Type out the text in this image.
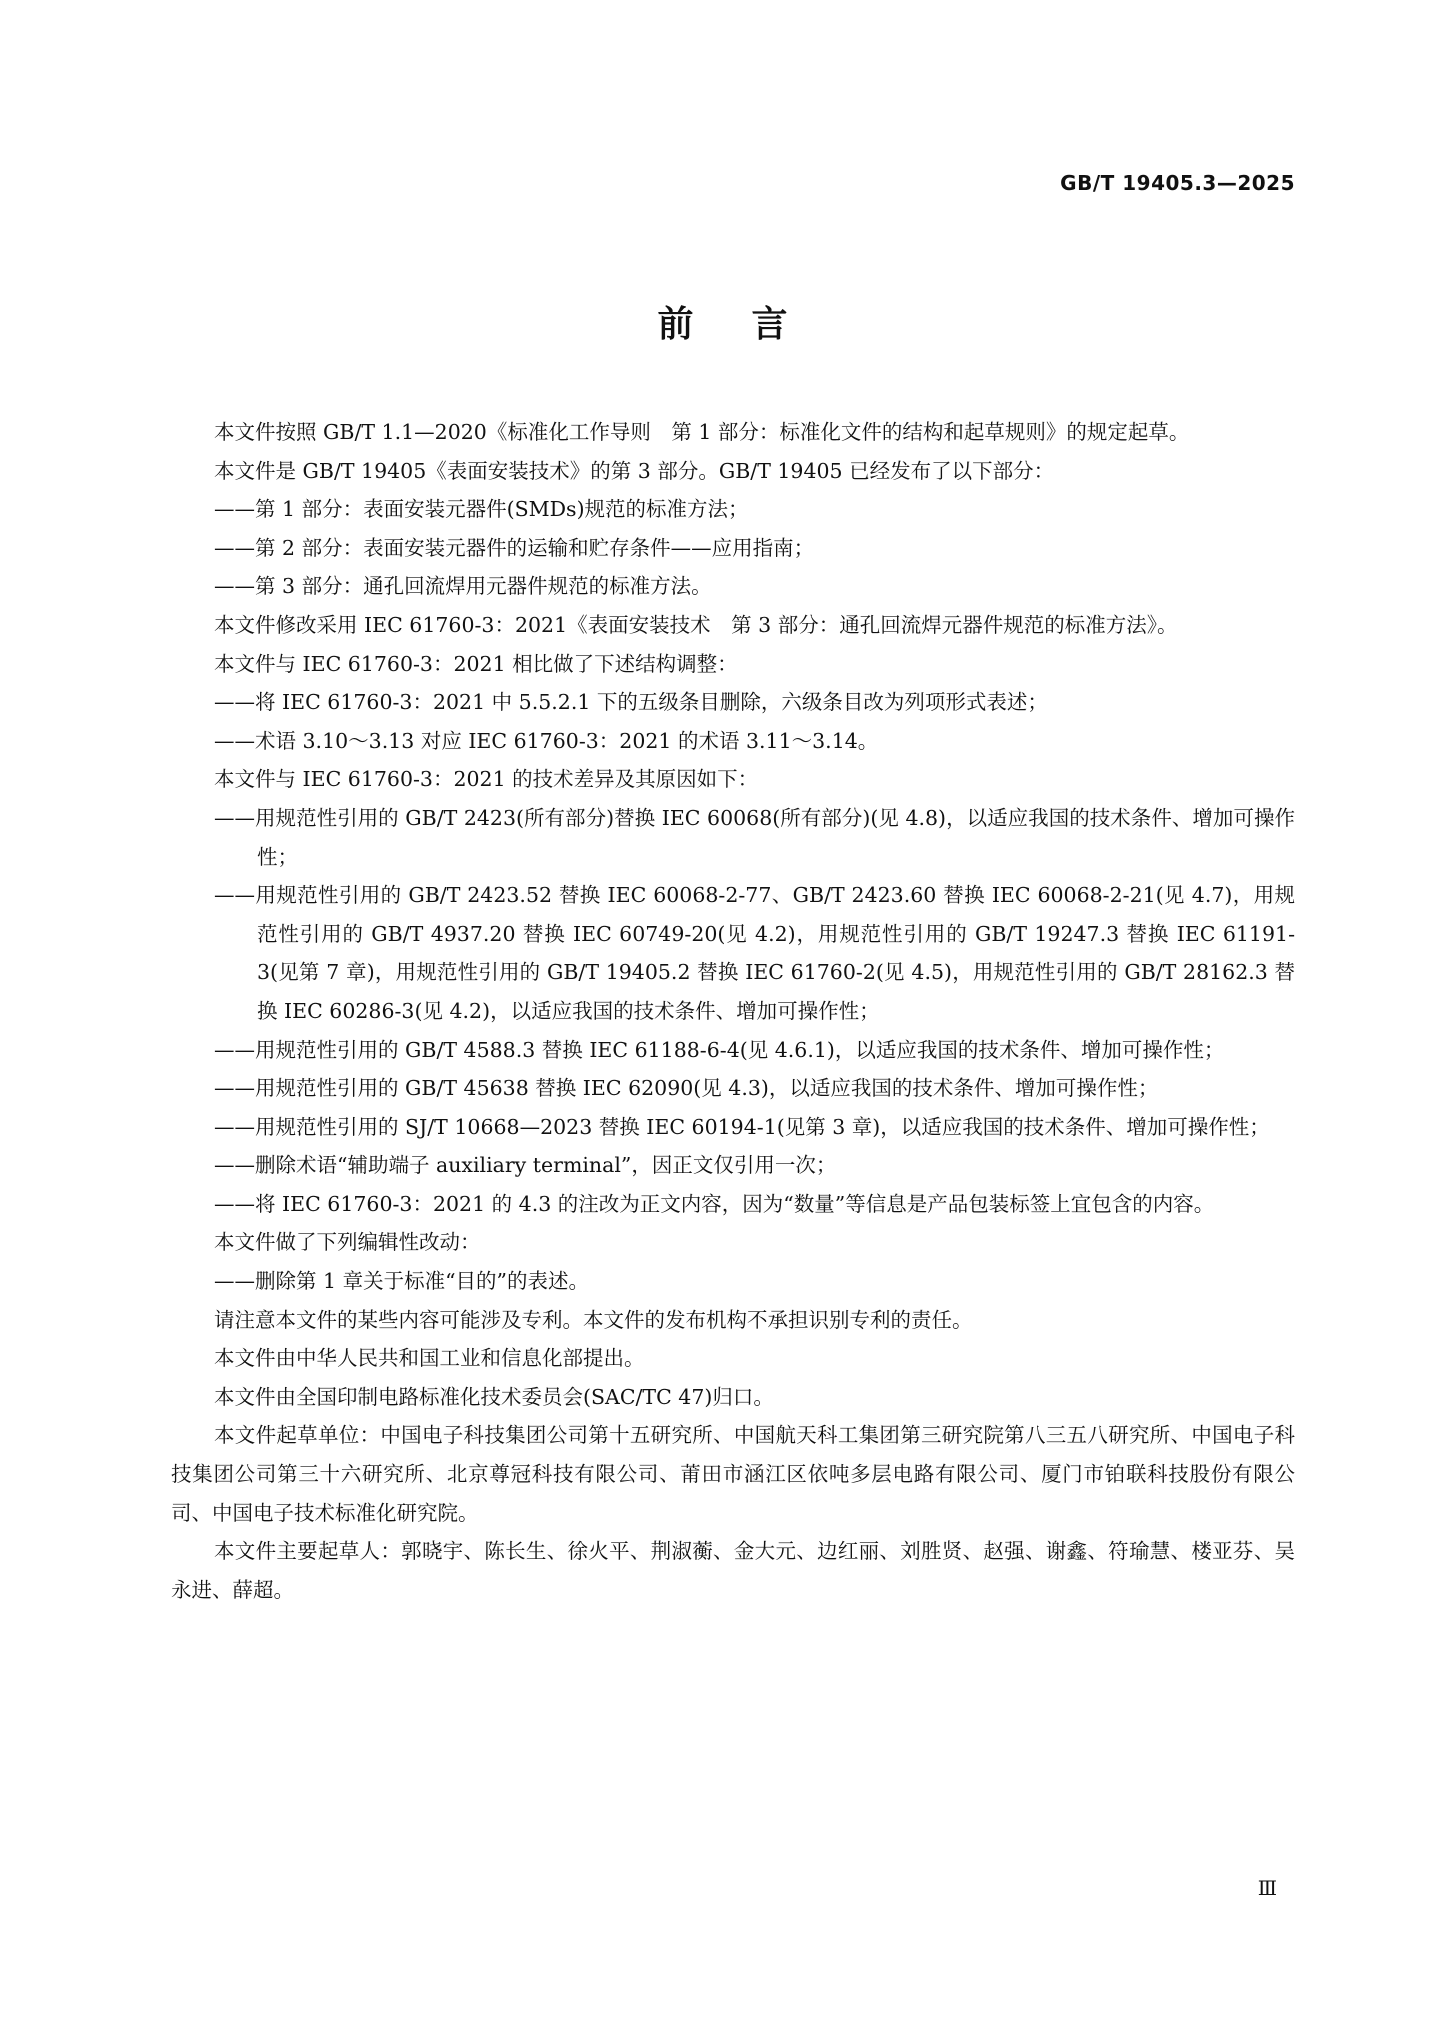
GB/T 19405.3—2025
前言

本文件按照 GB/T 1.1—2020《标准化工作导则　第 1 部分：标准化文件的结构和起草规则》的规定起草。

本文件是 GB/T 19405《表面安装技术》的第 3 部分。GB/T 19405 已经发布了以下部分：

——第 1 部分：表面安装元器件(SMDs)规范的标准方法；

——第 2 部分：表面安装元器件的运输和贮存条件——应用指南；

——第 3 部分：通孔回流焊用元器件规范的标准方法。

本文件修改采用 IEC 61760-3：2021《表面安装技术　第 3 部分：通孔回流焊元器件规范的标准方法》。

本文件与 IEC 61760-3：2021 相比做了下述结构调整：

——将 IEC 61760-3：2021 中 5.5.2.1 下的五级条目删除，六级条目改为列项形式表述；

——术语 3.10～3.13 对应 IEC 61760-3：2021 的术语 3.11～3.14。

本文件与 IEC 61760-3：2021 的技术差异及其原因如下：

——用规范性引用的 GB/T 2423(所有部分)替换 IEC 60068(所有部分)(见 4.8)，以适应我国的技术条件、增加可操作性；

——用规范性引用的 GB/T 2423.52 替换 IEC 60068-2-77、GB/T 2423.60 替换 IEC 60068-2-21(见 4.7)，用规范性引用的 GB/T 4937.20 替换 IEC 60749-20(见 4.2)，用规范性引用的 GB/T 19247.3 替换 IEC 61191-3(见第 7 章)，用规范性引用的 GB/T 19405.2 替换 IEC 61760-2(见 4.5)，用规范性引用的 GB/T 28162.3 替换 IEC 60286-3(见 4.2)，以适应我国的技术条件、增加可操作性；

——用规范性引用的 GB/T 4588.3 替换 IEC 61188-6-4(见 4.6.1)，以适应我国的技术条件、增加可操作性；

——用规范性引用的 GB/T 45638 替换 IEC 62090(见 4.3)，以适应我国的技术条件、增加可操作性；

——用规范性引用的 SJ/T 10668—2023 替换 IEC 60194-1(见第 3 章)，以适应我国的技术条件、增加可操作性；

——删除术语“辅助端子 auxiliary terminal”，因正文仅引用一次；

——将 IEC 61760-3：2021 的 4.3 的注改为正文内容，因为“数量”等信息是产品包装标签上宜包含的内容。

本文件做了下列编辑性改动：

——删除第 1 章关于标准“目的”的表述。

请注意本文件的某些内容可能涉及专利。本文件的发布机构不承担识别专利的责任。

本文件由中华人民共和国工业和信息化部提出。

本文件由全国印制电路标准化技术委员会(SAC/TC 47)归口。

本文件起草单位：中国电子科技集团公司第十五研究所、中国航天科工集团第三研究院第八三五八研究所、中国电子科技集团公司第三十六研究所、北京尊冠科技有限公司、莆田市涵江区依吨多层电路有限公司、厦门市铂联科技股份有限公司、中国电子技术标准化研究院。

本文件主要起草人：郭晓宇、陈长生、徐火平、荆淑蘅、金大元、边红丽、刘胜贤、赵强、谢鑫、符瑜慧、楼亚芬、吴永进、薛超。

Ⅲ
